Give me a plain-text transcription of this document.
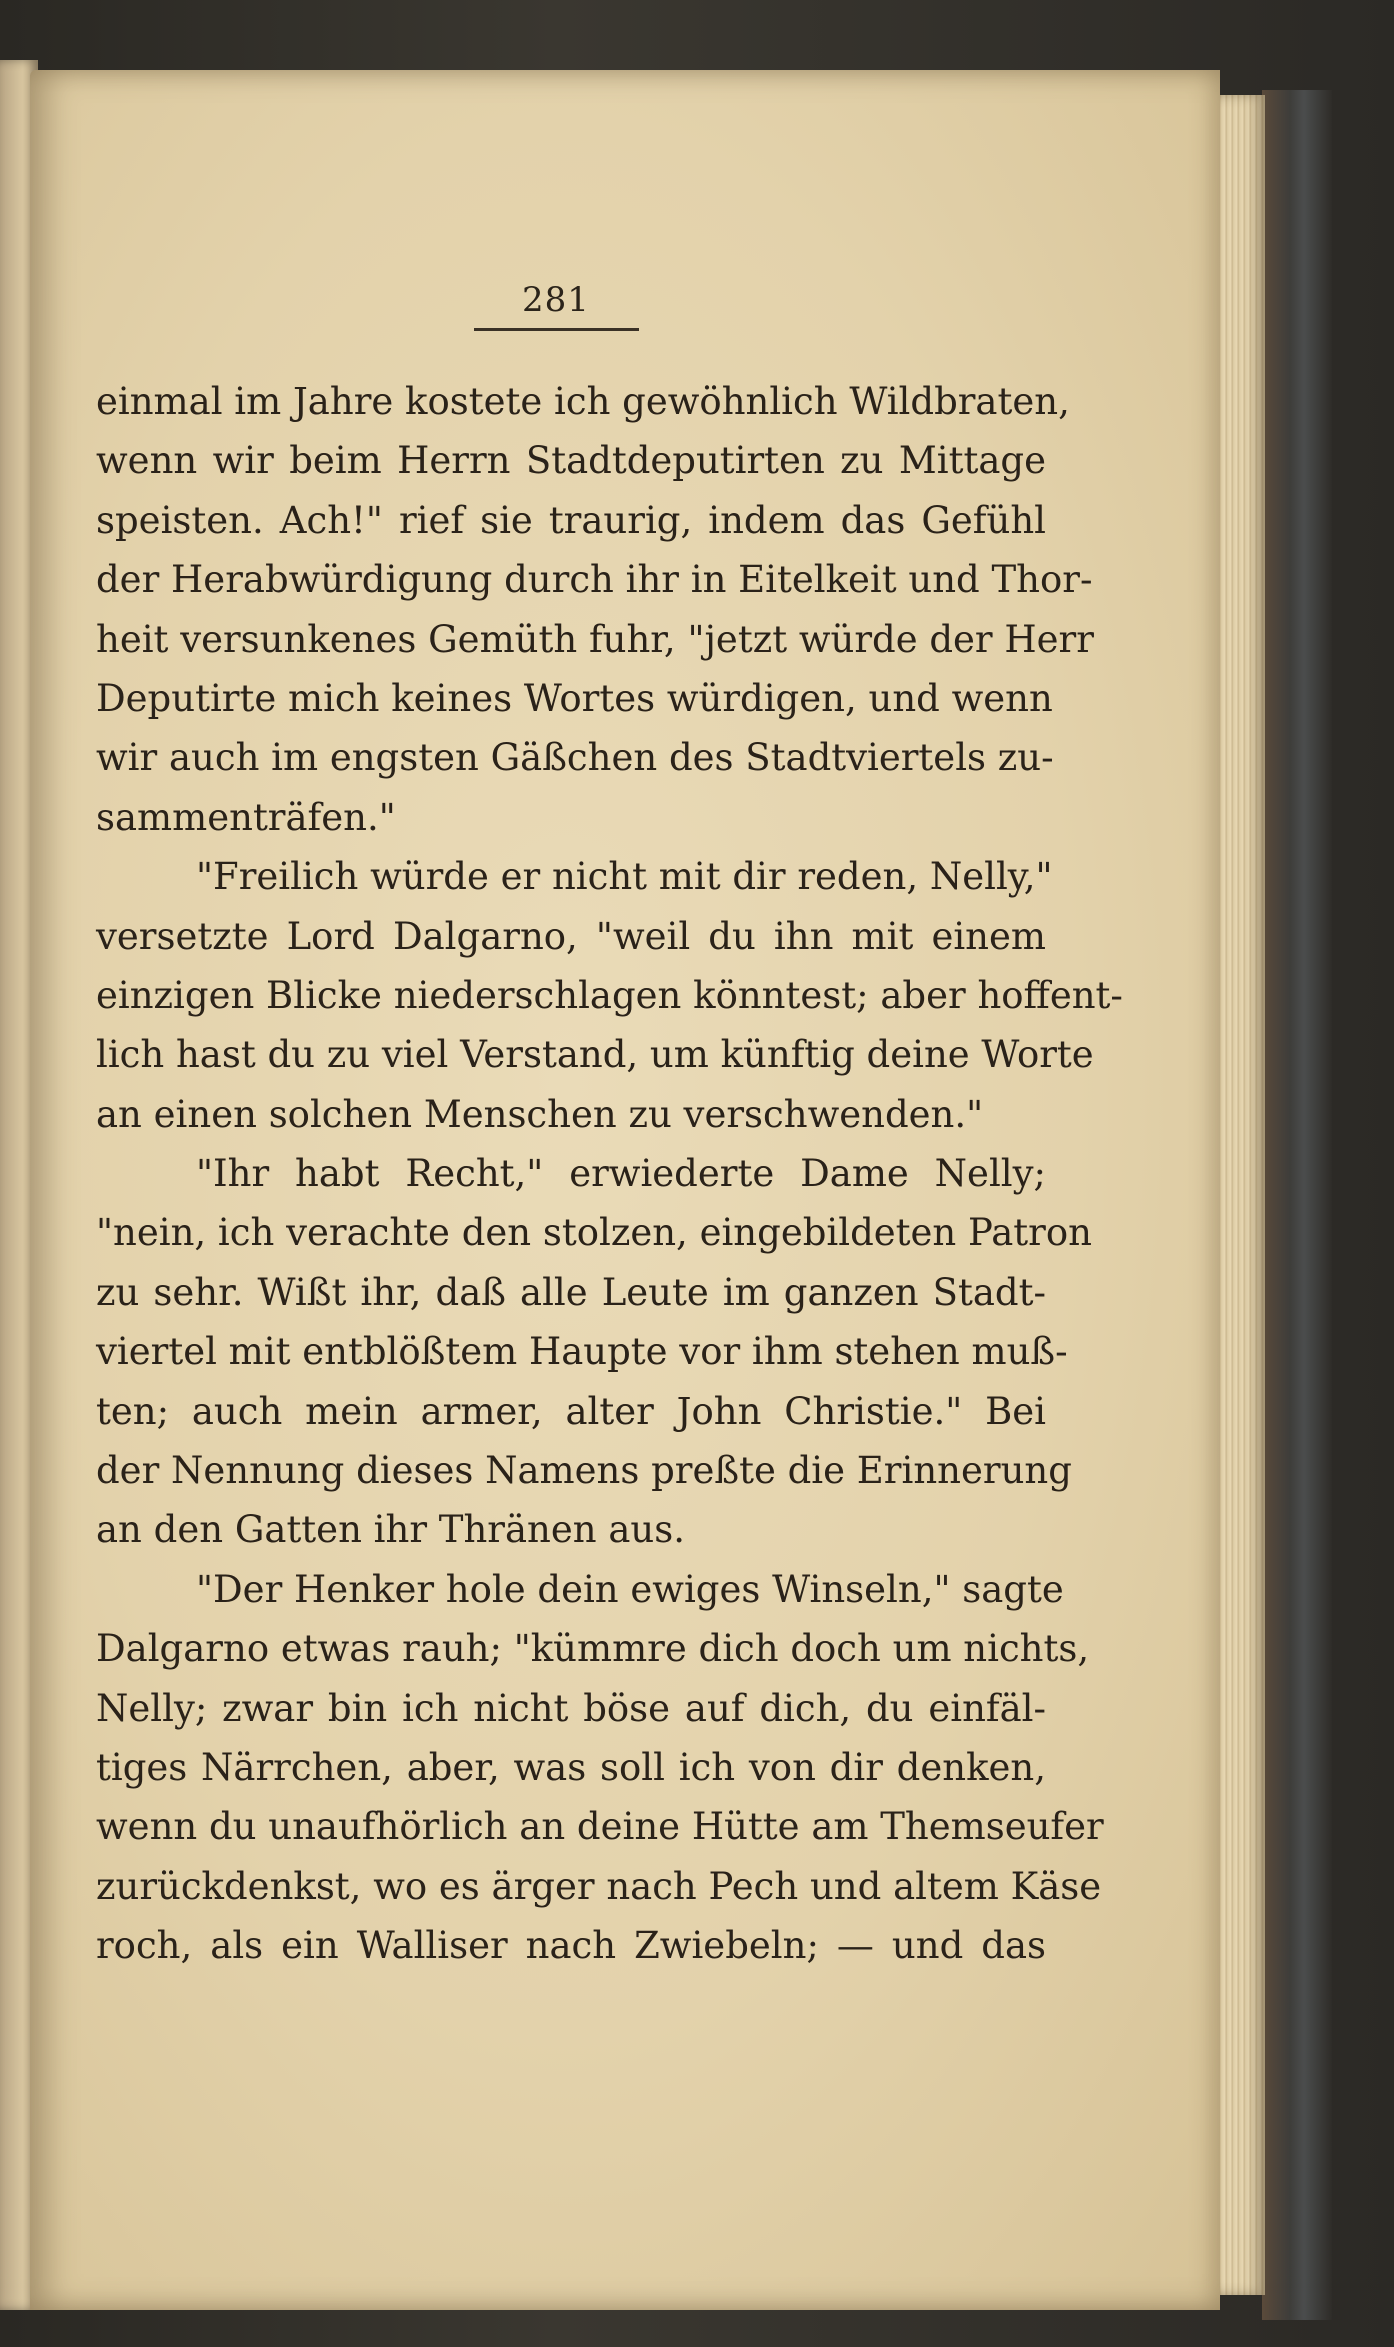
281
einmal im Jahre kostete ich gewöhnlich Wildbraten,
wenn wir beim Herrn Stadtdeputirten zu Mittage
speisten. Ach!" rief sie traurig, indem das Gefühl
der Herabwürdigung durch ihr in Eitelkeit und Thor-
heit versunkenes Gemüth fuhr, "jetzt würde der Herr
Deputirte mich keines Wortes würdigen, und wenn
wir auch im engsten Gäßchen des Stadtviertels zu-
sammenträfen."
"Freilich würde er nicht mit dir reden, Nelly,"
versetzte Lord Dalgarno, "weil du ihn mit einem
einzigen Blicke niederschlagen könntest; aber hoffent-
lich hast du zu viel Verstand, um künftig deine Worte
an einen solchen Menschen zu verschwenden."
"Ihr habt Recht," erwiederte Dame Nelly;
"nein, ich verachte den stolzen, eingebildeten Patron
zu sehr. Wißt ihr, daß alle Leute im ganzen Stadt-
viertel mit entblößtem Haupte vor ihm stehen muß-
ten; auch mein armer, alter John Christie." Bei
der Nennung dieses Namens preßte die Erinnerung
an den Gatten ihr Thränen aus.
"Der Henker hole dein ewiges Winseln," sagte
Dalgarno etwas rauh; "kümmre dich doch um nichts,
Nelly; zwar bin ich nicht böse auf dich, du einfäl-
tiges Närrchen, aber, was soll ich von dir denken,
wenn du unaufhörlich an deine Hütte am Themseufer
zurückdenkst, wo es ärger nach Pech und altem Käse
roch, als ein Walliser nach Zwiebeln; — und das
